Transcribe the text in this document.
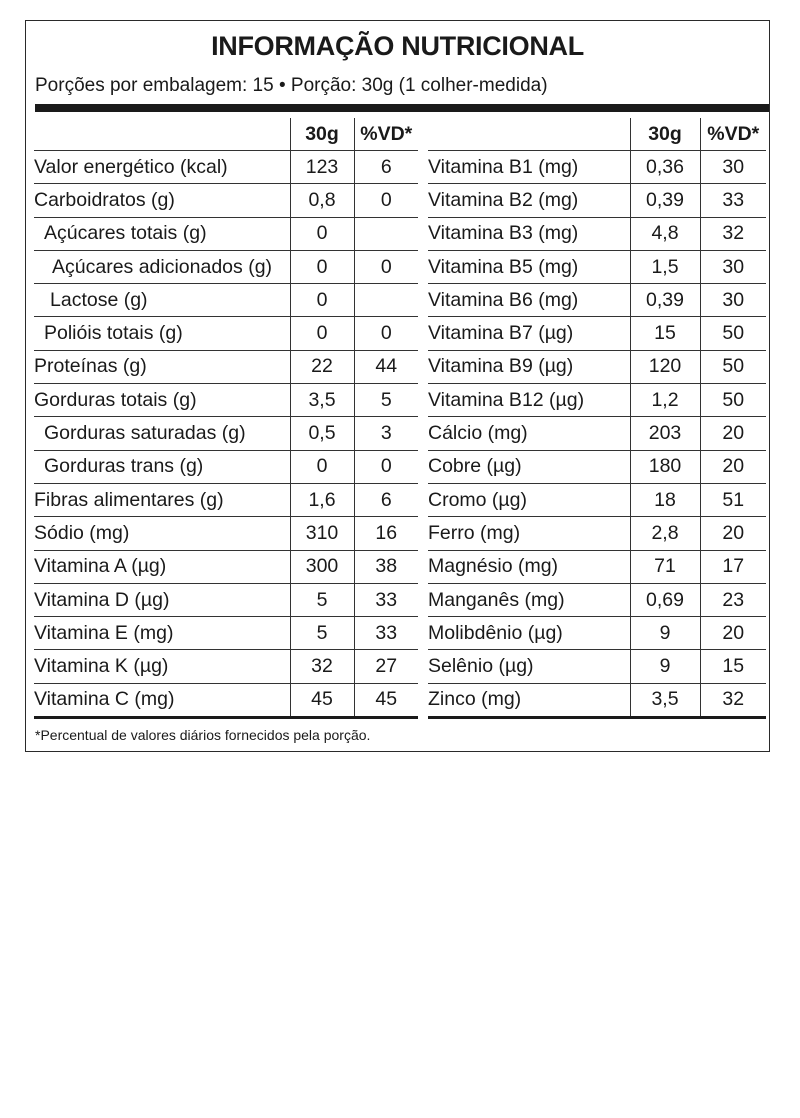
INFORMAÇÃO NUTRICIONAL
Porções por embalagem: 15 • Porção: 30g (1 colher-medida)
	30g	%VD*
Valor energético (kcal)	123	6
Carboidratos (g)	0,8	0
Açúcares totais (g)	0	
Açúcares adicionados (g)	0	0
Lactose (g)	0	
Polióis totais (g)	0	0
Proteínas (g)	22	44
Gorduras totais (g)	3,5	5
Gorduras saturadas (g)	0,5	3
Gorduras trans (g)	0	0
Fibras alimentares (g)	1,6	6
Sódio (mg)	310	16
Vitamina A (µg)	300	38
Vitamina D (µg)	5	33
Vitamina E (mg)	5	33
Vitamina K (µg)	32	27
Vitamina C (mg)	45	45
	30g	%VD*
Vitamina B1 (mg)	0,36	30
Vitamina B2 (mg)	0,39	33
Vitamina B3 (mg)	4,8	32
Vitamina B5 (mg)	1,5	30
Vitamina B6 (mg)	0,39	30
Vitamina B7 (µg)	15	50
Vitamina B9 (µg)	120	50
Vitamina B12 (µg)	1,2	50
Cálcio (mg)	203	20
Cobre (µg)	180	20
Cromo (µg)	18	51
Ferro (mg)	2,8	20
Magnésio (mg)	71	17
Manganês (mg)	0,69	23
Molibdênio (µg)	9	20
Selênio (µg)	9	15
Zinco (mg)	3,5	32
*Percentual de valores diários fornecidos pela porção.
